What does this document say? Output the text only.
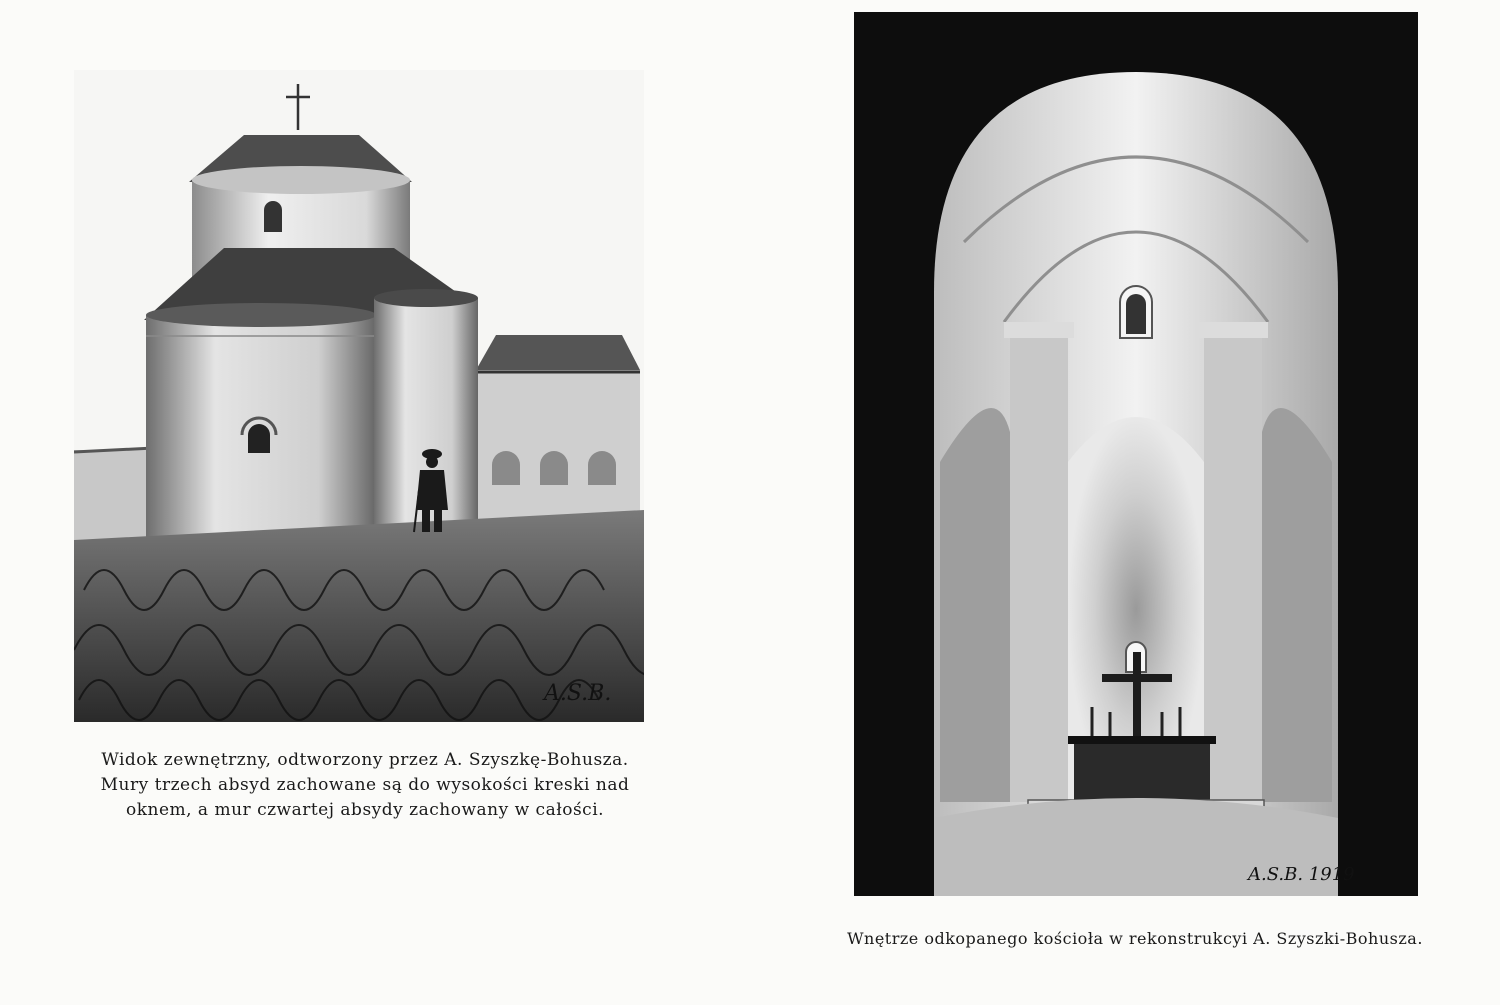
A.S.B.
Widok zewnętrzny, odtworzony przez A. Szyszkę-Bohusza.
Mury trzech absyd zachowane są do wysokości kreski nad
oknem, a mur czwartej absydy zachowany w całości.
A.S.B. 1919
Wnętrze odkopanego kościoła w rekonstrukcyi A. Szyszki-Bohusza.
